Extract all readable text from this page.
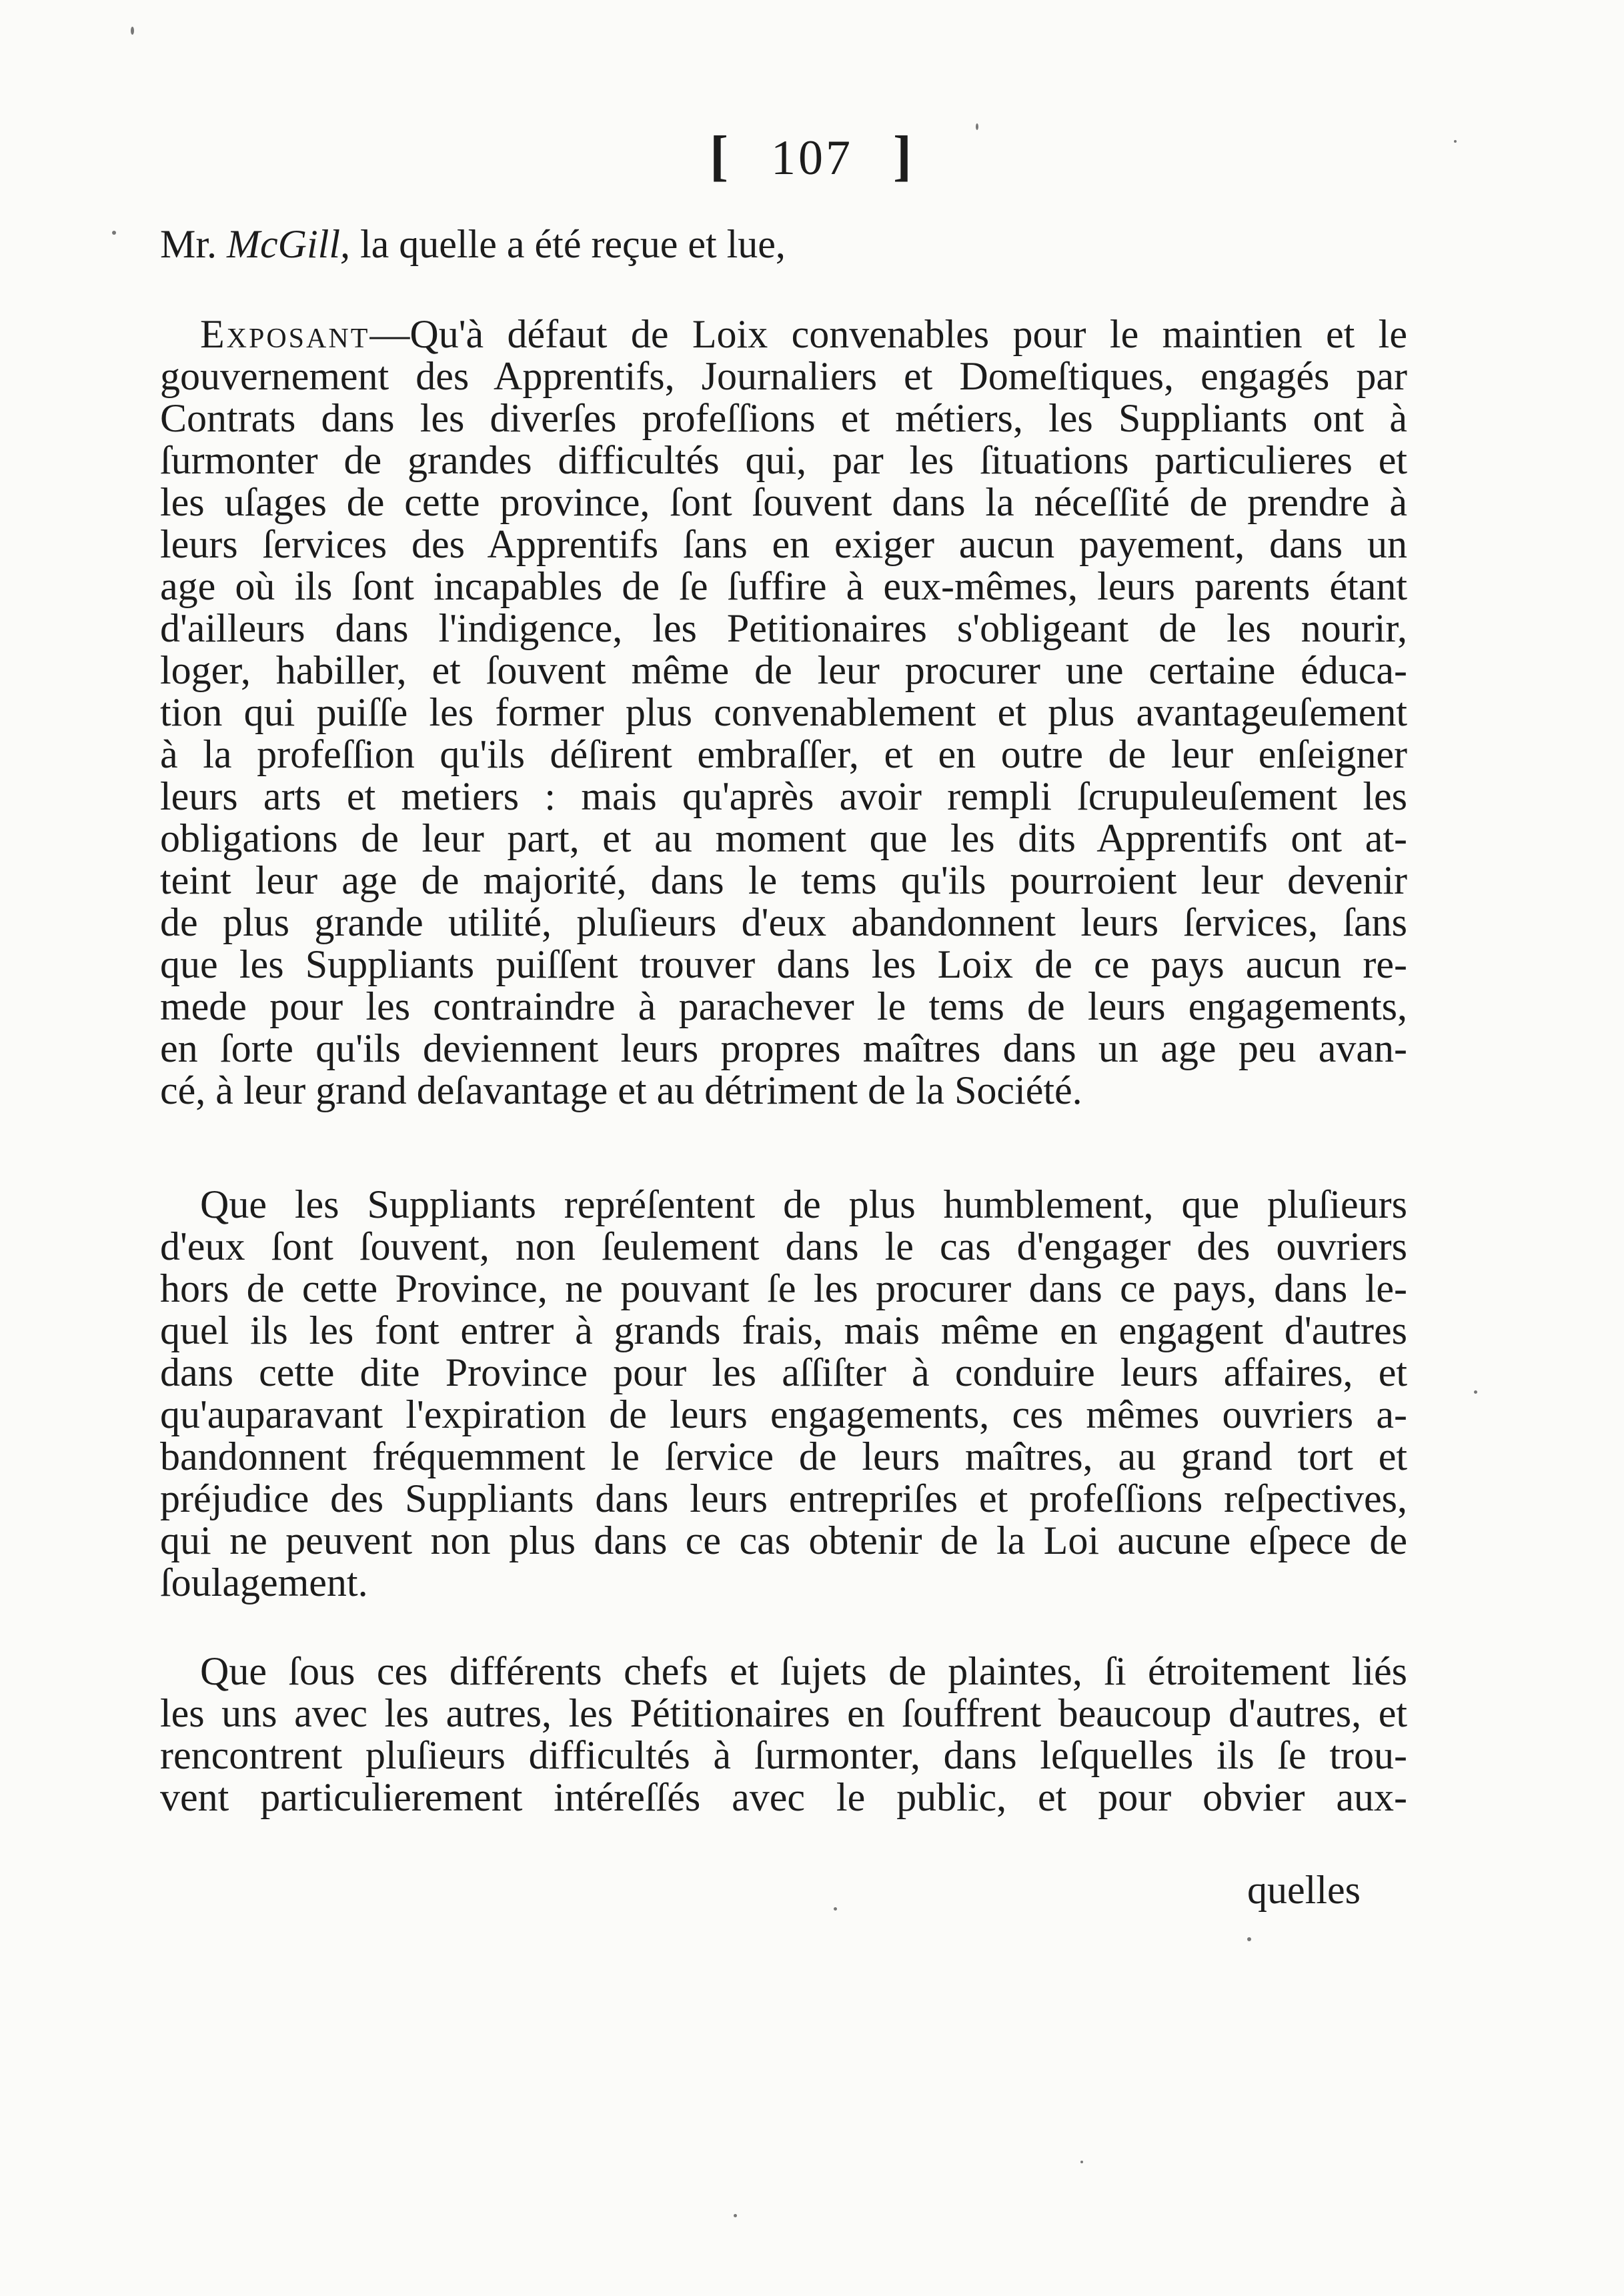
[ 107 ]
Mr. McGill, la quelle a été reçue et lue,
Exposant—Qu'à défaut de Loix convenables pour le maintien et le
gouvernement des Apprentifs, Journaliers et Domeſtiques, engagés par
Contrats dans les diverſes profeſſions et métiers, les Suppliants ont à
ſurmonter de grandes difficultés qui, par les ſituations particulieres et
les uſages de cette province, ſont ſouvent dans la néceſſité de prendre à
leurs ſervices des Apprentifs ſans en exiger aucun payement, dans un
age où ils ſont incapables de ſe ſuffire à eux-mêmes, leurs parents étant
d'ailleurs dans l'indigence, les Petitionaires s'obligeant de les nourir,
loger, habiller, et ſouvent même de leur procurer une certaine éduca-
tion qui puiſſe les former plus convenablement et plus avantageuſement
à la profeſſion qu'ils déſirent embraſſer, et en outre de leur enſeigner
leurs arts et metiers : mais qu'après avoir rempli ſcrupuleuſement les
obligations de leur part, et au moment que les dits Apprentifs ont at-
teint leur age de majorité, dans le tems qu'ils pourroient leur devenir
de plus grande utilité, pluſieurs d'eux abandonnent leurs ſervices, ſans
que les Suppliants puiſſent trouver dans les Loix de ce pays aucun re-
mede pour les contraindre à parachever le tems de leurs engagements,
en ſorte qu'ils deviennent leurs propres maîtres dans un age peu avan-
cé, à leur grand deſavantage et au détriment de la Société.
Que les Suppliants repréſentent de plus humblement, que pluſieurs
d'eux ſont ſouvent, non ſeulement dans le cas d'engager des ouvriers
hors de cette Province, ne pouvant ſe les procurer dans ce pays, dans le-
quel ils les font entrer à grands frais, mais même en engagent d'autres
dans cette dite Province pour les aſſiſter à conduire leurs affaires, et
qu'auparavant l'expiration de leurs engagements, ces mêmes ouvriers a-
bandonnent fréquemment le ſervice de leurs maîtres, au grand tort et
préjudice des Suppliants dans leurs entrepriſes et profeſſions reſpectives,
qui ne peuvent non plus dans ce cas obtenir de la Loi aucune eſpece de
ſoulagement.
Que ſous ces différents chefs et ſujets de plaintes, ſi étroitement liés
les uns avec les autres, les Pétitionaires en ſouffrent beaucoup d'autres, et
rencontrent pluſieurs difficultés à ſurmonter, dans leſquelles ils ſe trou-
vent particulierement intéreſſés avec le public, et pour obvier aux-
quelles
